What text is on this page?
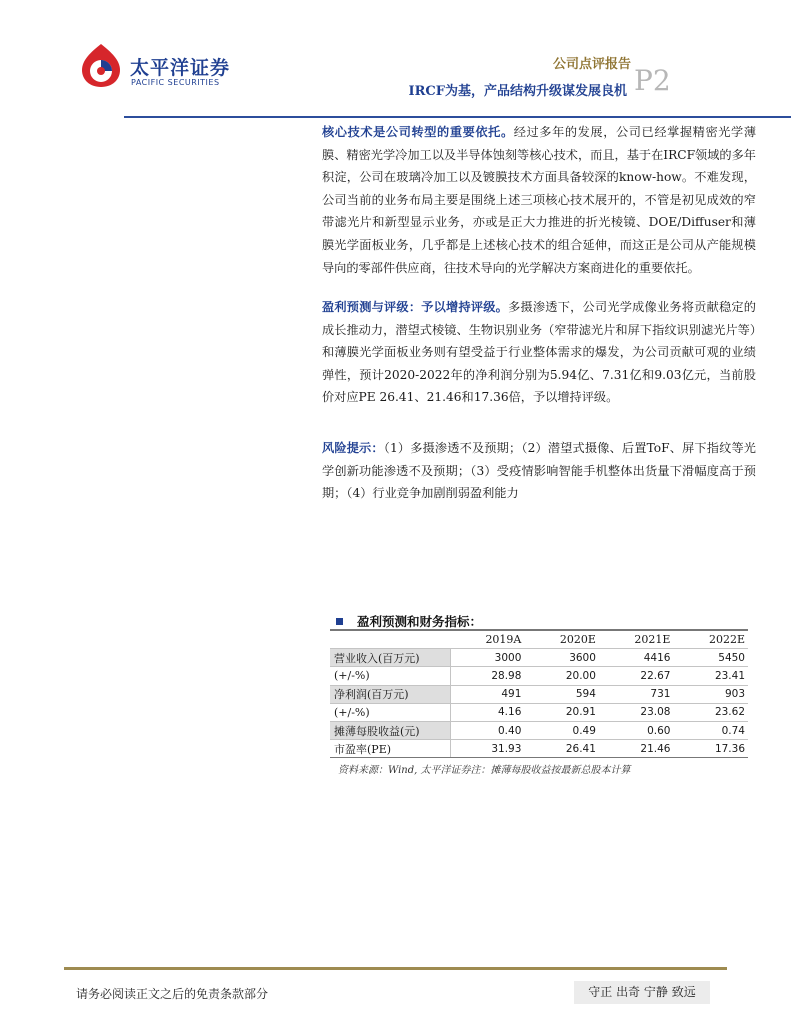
太平洋证券
PACIFIC SECURITIES
公司点评报告
IRCF为基，产品结构升级谋发展良机 P2

核心技术是公司转型的重要依托。经过多年的发展，公司已经掌握精密光学薄膜、精密光学冷加工以及半导体蚀刻等核心技术，而且，基于在IRCF领域的多年积淀，公司在玻璃冷加工以及镀膜技术方面具备较深的know-how。不难发现，公司当前的业务布局主要是围绕上述三项核心技术展开的，不管是初见成效的窄带滤光片和新型显示业务，亦或是正大力推进的折光棱镜、DOE/Diffuser和薄膜光学面板业务，几乎都是上述核心技术的组合延伸，而这正是公司从产能规模导向的零部件供应商，往技术导向的光学解决方案商进化的重要依托。

盈利预测与评级：予以增持评级。多摄渗透下，公司光学成像业务将贡献稳定的成长推动力，潜望式棱镜、生物识别业务（窄带滤光片和屏下指纹识别滤光片等）和薄膜光学面板业务则有望受益于行业整体需求的爆发，为公司贡献可观的业绩弹性，预计2020-2022年的净利润分别为5.94亿、7.31亿和9.03亿元，当前股价对应PE 26.41、21.46和17.36倍，予以增持评级。

风险提示：（1）多摄渗透不及预期；（2）潜望式摄像、后置ToF、屏下指纹等光学创新功能渗透不及预期；（3）受疫情影响智能手机整体出货量下滑幅度高于预期；（4）行业竞争加剧削弱盈利能力

盈利预测和财务指标：
	2019A	2020E	2021E	2022E
营业收入(百万元)	3000	3600	4416	5450
(+/-%)	28.98	20.00	22.67	23.41
净利润(百万元)	491	594	731	903
(+/-%)	4.16	20.91	23.08	23.62
摊薄每股收益(元)	0.40	0.49	0.60	0.74
市盈率(PE)	31.93	26.41	21.46	17.36
资料来源：Wind, 太平洋证券注：摊薄每股收益按最新总股本计算
请务必阅读正文之后的免责条款部分	守正 出奇 宁静 致远
